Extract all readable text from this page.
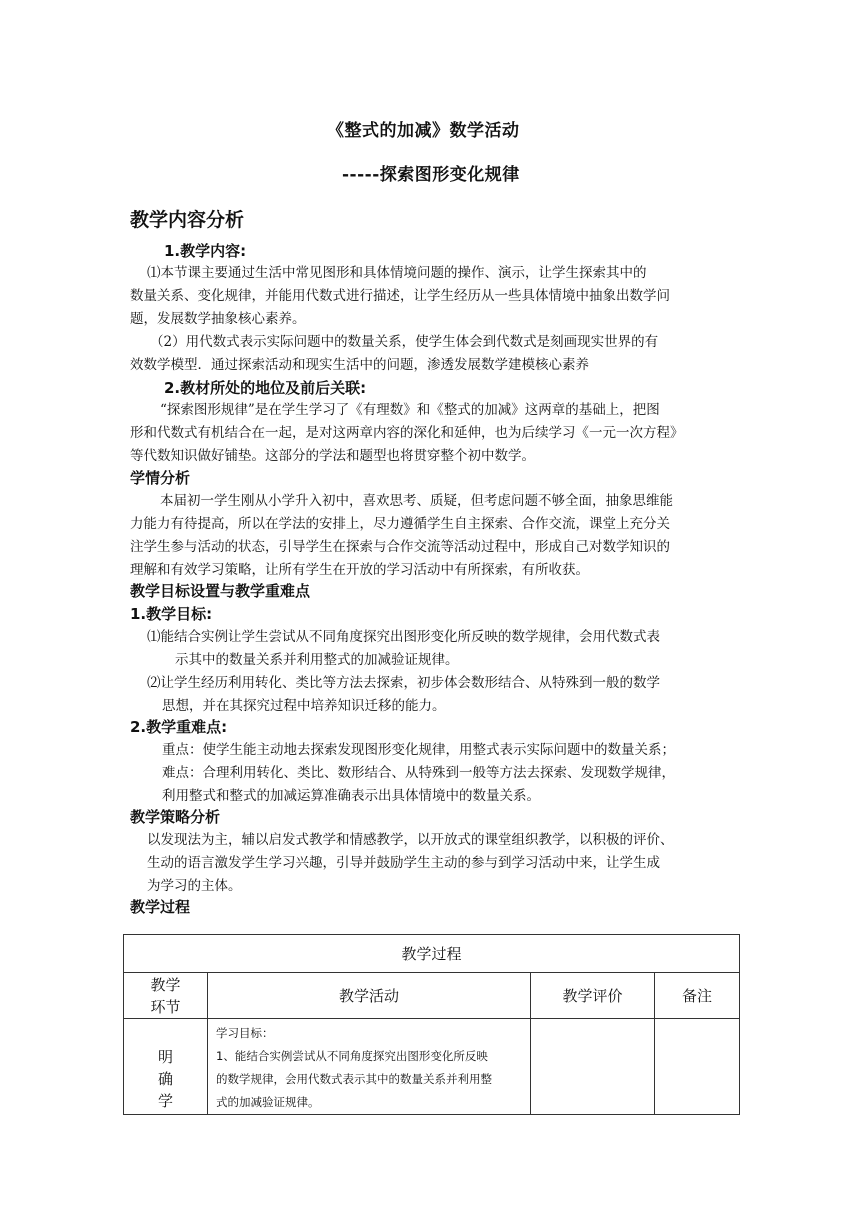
《整式的加减》数学活动
-----探索图形变化规律
教学内容分析
1.教学内容:
⑴本节课主要通过生活中常见图形和具体情境问题的操作、演示，让学生探索其中的
数量关系、变化规律，并能用代数式进行描述，让学生经历从一些具体情境中抽象出数学问
题，发展数学抽象核心素养。
（2）用代数式表示实际问题中的数量关系，使学生体会到代数式是刻画现实世界的有
效数学模型．通过探索活动和现实生活中的问题，渗透发展数学建模核心素养
2.教材所处的地位及前后关联:
“探索图形规律”是在学生学习了《有理数》和《整式的加减》这两章的基础上，把图
形和代数式有机结合在一起，是对这两章内容的深化和延伸，也为后续学习《一元一次方程》
等代数知识做好铺垫。这部分的学法和题型也将贯穿整个初中数学。
学情分析
本届初一学生刚从小学升入初中，喜欢思考、质疑，但考虑问题不够全面，抽象思维能
力能力有待提高，所以在学法的安排上，尽力遵循学生自主探索、合作交流，课堂上充分关
注学生参与活动的状态，引导学生在探索与合作交流等活动过程中，形成自己对数学知识的
理解和有效学习策略，让所有学生在开放的学习活动中有所探索，有所收获。
教学目标设置与教学重难点
1.教学目标:
⑴能结合实例让学生尝试从不同角度探究出图形变化所反映的数学规律，会用代数式表
示其中的数量关系并利用整式的加减验证规律。
⑵让学生经历利用转化、类比等方法去探索，初步体会数形结合、从特殊到一般的数学
思想，并在其探究过程中培养知识迁移的能力。
2.教学重难点:
重点：使学生能主动地去探索发现图形变化规律，用整式表示实际问题中的数量关系；
难点：合理利用转化、类比、数形结合、从特殊到一般等方法去探索、发现数学规律，
利用整式和整式的加减运算准确表示出具体情境中的数量关系。
教学策略分析
以发现法为主，辅以启发式教学和情感教学，以开放式的课堂组织教学，以积极的评价、
生动的语言激发学生学习兴趣，引导并鼓励学生主动的参与到学习活动中来，让学生成
为学习的主体。
教学过程
教学过程			

教学
环节	教学活动	教学评价	备注

明
确
学	学习目标：
1、能结合实例尝试从不同角度探究出图形变化所反映
的数学规律，会用代数式表示其中的数量关系并利用整
式的加减验证规律。		
